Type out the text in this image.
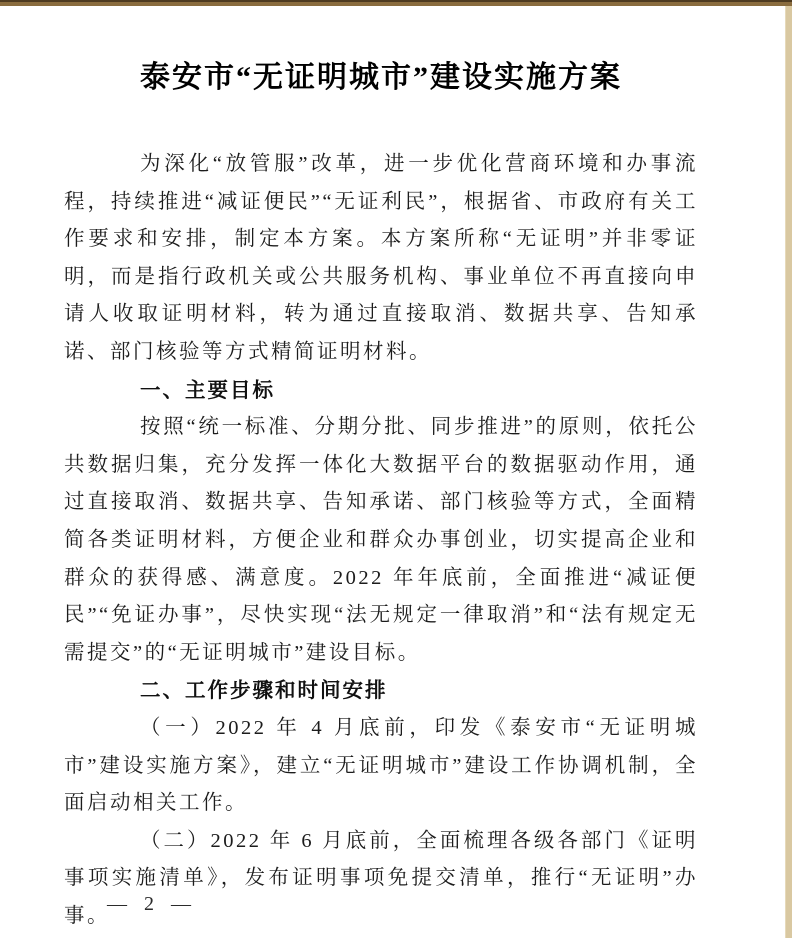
泰安市“无证明城市”建设实施方案

为深化“放管服”改革，进一步优化营商环境和办事流程，持续推进“减证便民”“无证利民”，根据省、市政府有关工作要求和安排，制定本方案。本方案所称“无证明”并非零证明，而是指行政机关或公共服务机构、事业单位不再直接向申请人收取证明材料，转为通过直接取消、数据共享、告知承诺、部门核验等方式精简证明材料。

一、主要目标

按照“统一标准、分期分批、同步推进”的原则，依托公共数据归集，充分发挥一体化大数据平台的数据驱动作用，通过直接取消、数据共享、告知承诺、部门核验等方式，全面精简各类证明材料，方便企业和群众办事创业，切实提高企业和群众的获得感、满意度。2022 年年底前，全面推进“减证便民”“免证办事”，尽快实现“法无规定一律取消”和“法有规定无需提交”的“无证明城市”建设目标。

二、工作步骤和时间安排

（一）2022 年 4 月底前，印发《泰安市“无证明城市”建设实施方案》，建立“无证明城市”建设工作协调机制，全面启动相关工作。

（二）2022 年 6 月底前，全面梳理各级各部门《证明事项实施清单》，发布证明事项免提交清单，推行“无证明”办事。

— 2 —
